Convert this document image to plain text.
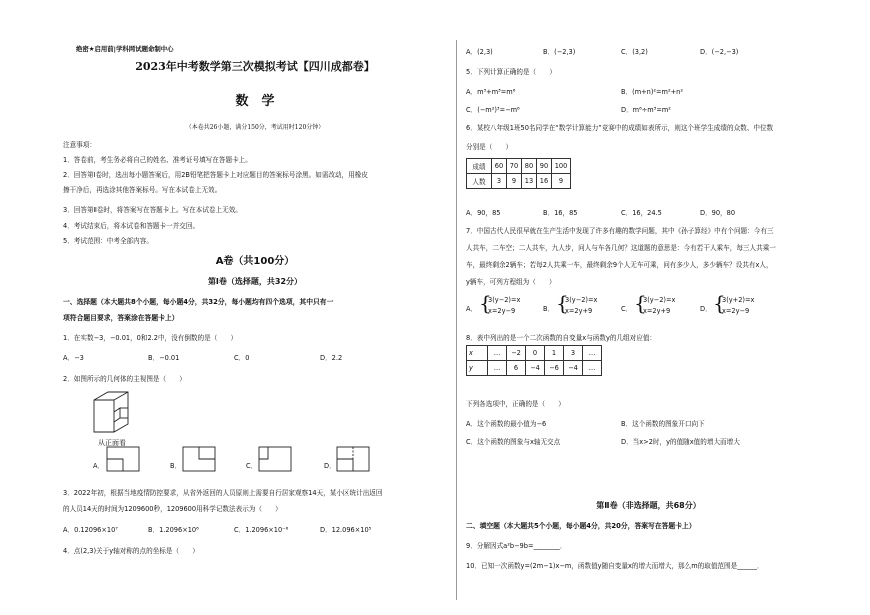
绝密★启用前|学科网试题命制中心
2023年中考数学第三次模拟考试【四川成都卷】
数　学
（本卷共26小题，满分150分，考试用时120分钟）
注意事项：
1．答卷前，考生务必将自己的姓名、准考证号填写在答题卡上。
2．回答第Ⅰ卷时，选出每小题答案后，用2B铅笔把答题卡上对应题目的答案标号涂黑。如需改动，用橡皮
擦干净后，再选涂其他答案标号。写在本试卷上无效。
3．回答第Ⅱ卷时，将答案写在答题卡上。写在本试卷上无效。
4．考试结束后，将本试卷和答题卡一并交回。
5．考试范围：中考全部内容。
A卷（共100分）
第Ⅰ卷（选择题，共32分）
一、选择题（本大题共8个小题，每小题4分，共32分，每小题均有四个选项，其中只有一
项符合题目要求，答案涂在答题卡上）
1．在实数−3，−0.01，0和2.2中，没有倒数的是（　　）
A．−3	B．−0.01	C．0	D．2.2
2．如图所示的几何体的主视图是（　　）
从正面看
A．	B．	C．	D．
3．2022年初，根据当地疫情防控要求，从省外返回的人员原则上需要自行居家观察14天，某小区统计出返回
的人员14天的时间为1209600秒，1209600用科学记数法表示为（　　）
A．0.12096×10⁷	B．1.2096×10⁶	C．1.2096×10⁻⁶	D．12.096×10⁵
4．点(2,3)关于y轴对称的点的坐标是（　　）
A．(2,3)	B．(−2,3)	C．(3,2)	D．(−2,−3)
5．下列计算正确的是（　　）
A．m³+m³=m⁶	B．(m+n)²=m²+n²
C．(−m²)³=−m⁶	D．m⁶÷m³=m²
6．某校八年级1班50名同学在“数学计算能力”竞赛中的成绩如表所示，则这个班学生成绩的众数、中位数
分别是（　　）
成绩	60	70	80	90	100
人数	3	9	13	16	9
A．90，85	B．16，85	C．16，24.5	D．90，80
7．中国古代人民很早就在生产生活中发现了许多有趣的数学问题，其中《孙子算经》中有个问题：今有三
人共车，二车空；二人共车，九人步，问人与车各几何？这道题的意思是：今有若干人乘车，每三人共乘一
车，最终剩余2辆车；若每2人共乘一车，最终剩余9个人无车可乘，问有多少人，多少辆车？设共有x人，
y辆车，可列方程组为（　　）
A． {
3(y−2)=x
x=2y−9	B． {
3(y−2)=x
x=2y+9	C． {
3(y−2)=x
x=2y+9	D． {
3(y+2)=x
x=2y−9
8．表中列出的是一个二次函数的自变量x与函数y的几组对应值：
x	…	−2	0	1	3	…
y	…	6	−4	−6	−4	…
下列各选项中，正确的是（　　）
A．这个函数的最小值为−6	B．这个函数的图象开口向下
C．这个函数的图象与x轴无交点	D．当x>2时，y的值随x值的增大而增大
第Ⅱ卷（非选择题，共68分）
二、填空题（本大题共5个小题，每小题4分，共20分，答案写在答题卡上）
9．分解因式a²b−9b=________．
10．已知一次函数y=(2m−1)x−m，函数值y随自变量x的增大而增大，那么m的取值范围是______．
